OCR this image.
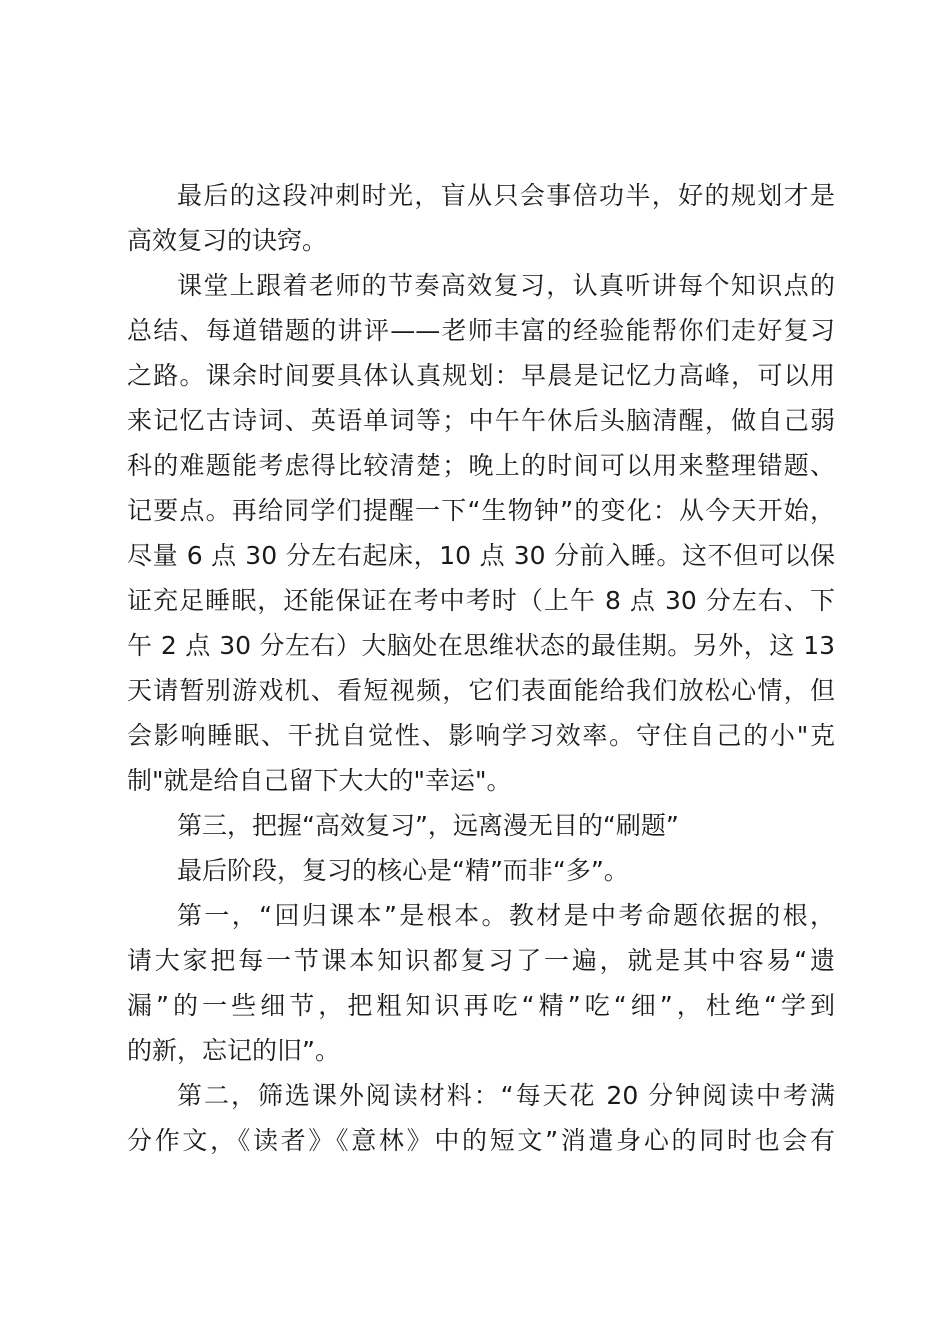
最后的这段冲刺时光，盲从只会事倍功半，好的规划才是
高效复习的诀窍。
课堂上跟着老师的节奏高效复习，认真听讲每个知识点的
总结、每道错题的讲评——老师丰富的经验能帮你们走好复习
之路。课余时间要具体认真规划：早晨是记忆力高峰，可以用
来记忆古诗词、英语单词等；中午午休后头脑清醒，做自己弱
科的难题能考虑得比较清楚；晚上的时间可以用来整理错题、
记要点。再给同学们提醒一下“生物钟”的变化：从今天开始，
尽量 6 点 30 分左右起床，10 点 30 分前入睡。这不但可以保
证充足睡眠，还能保证在考中考时（上午 8 点 30 分左右、下
午 2 点 30 分左右）大脑处在思维状态的最佳期。另外，这 13
天请暂别游戏机、看短视频，它们表面能给我们放松心情，但
会影响睡眠、干扰自觉性、影响学习效率。守住自己的小"克
制"就是给自己留下大大的"幸运"。
第三，把握“高效复习”，远离漫无目的“刷题”
最后阶段，复习的核心是“精”而非“多”。
第一，“回归课本”是根本。教材是中考命题依据的根，
请大家把每一节课本知识都复习了一遍，就是其中容易“遗
漏”的一些细节，把粗知识再吃“精”吃“细”，杜绝“学到
的新，忘记的旧”。
第二，筛选课外阅读材料：“每天花 20 分钟阅读中考满
分作文，《读者》《意林》中的短文”消遣身心的同时也会有
